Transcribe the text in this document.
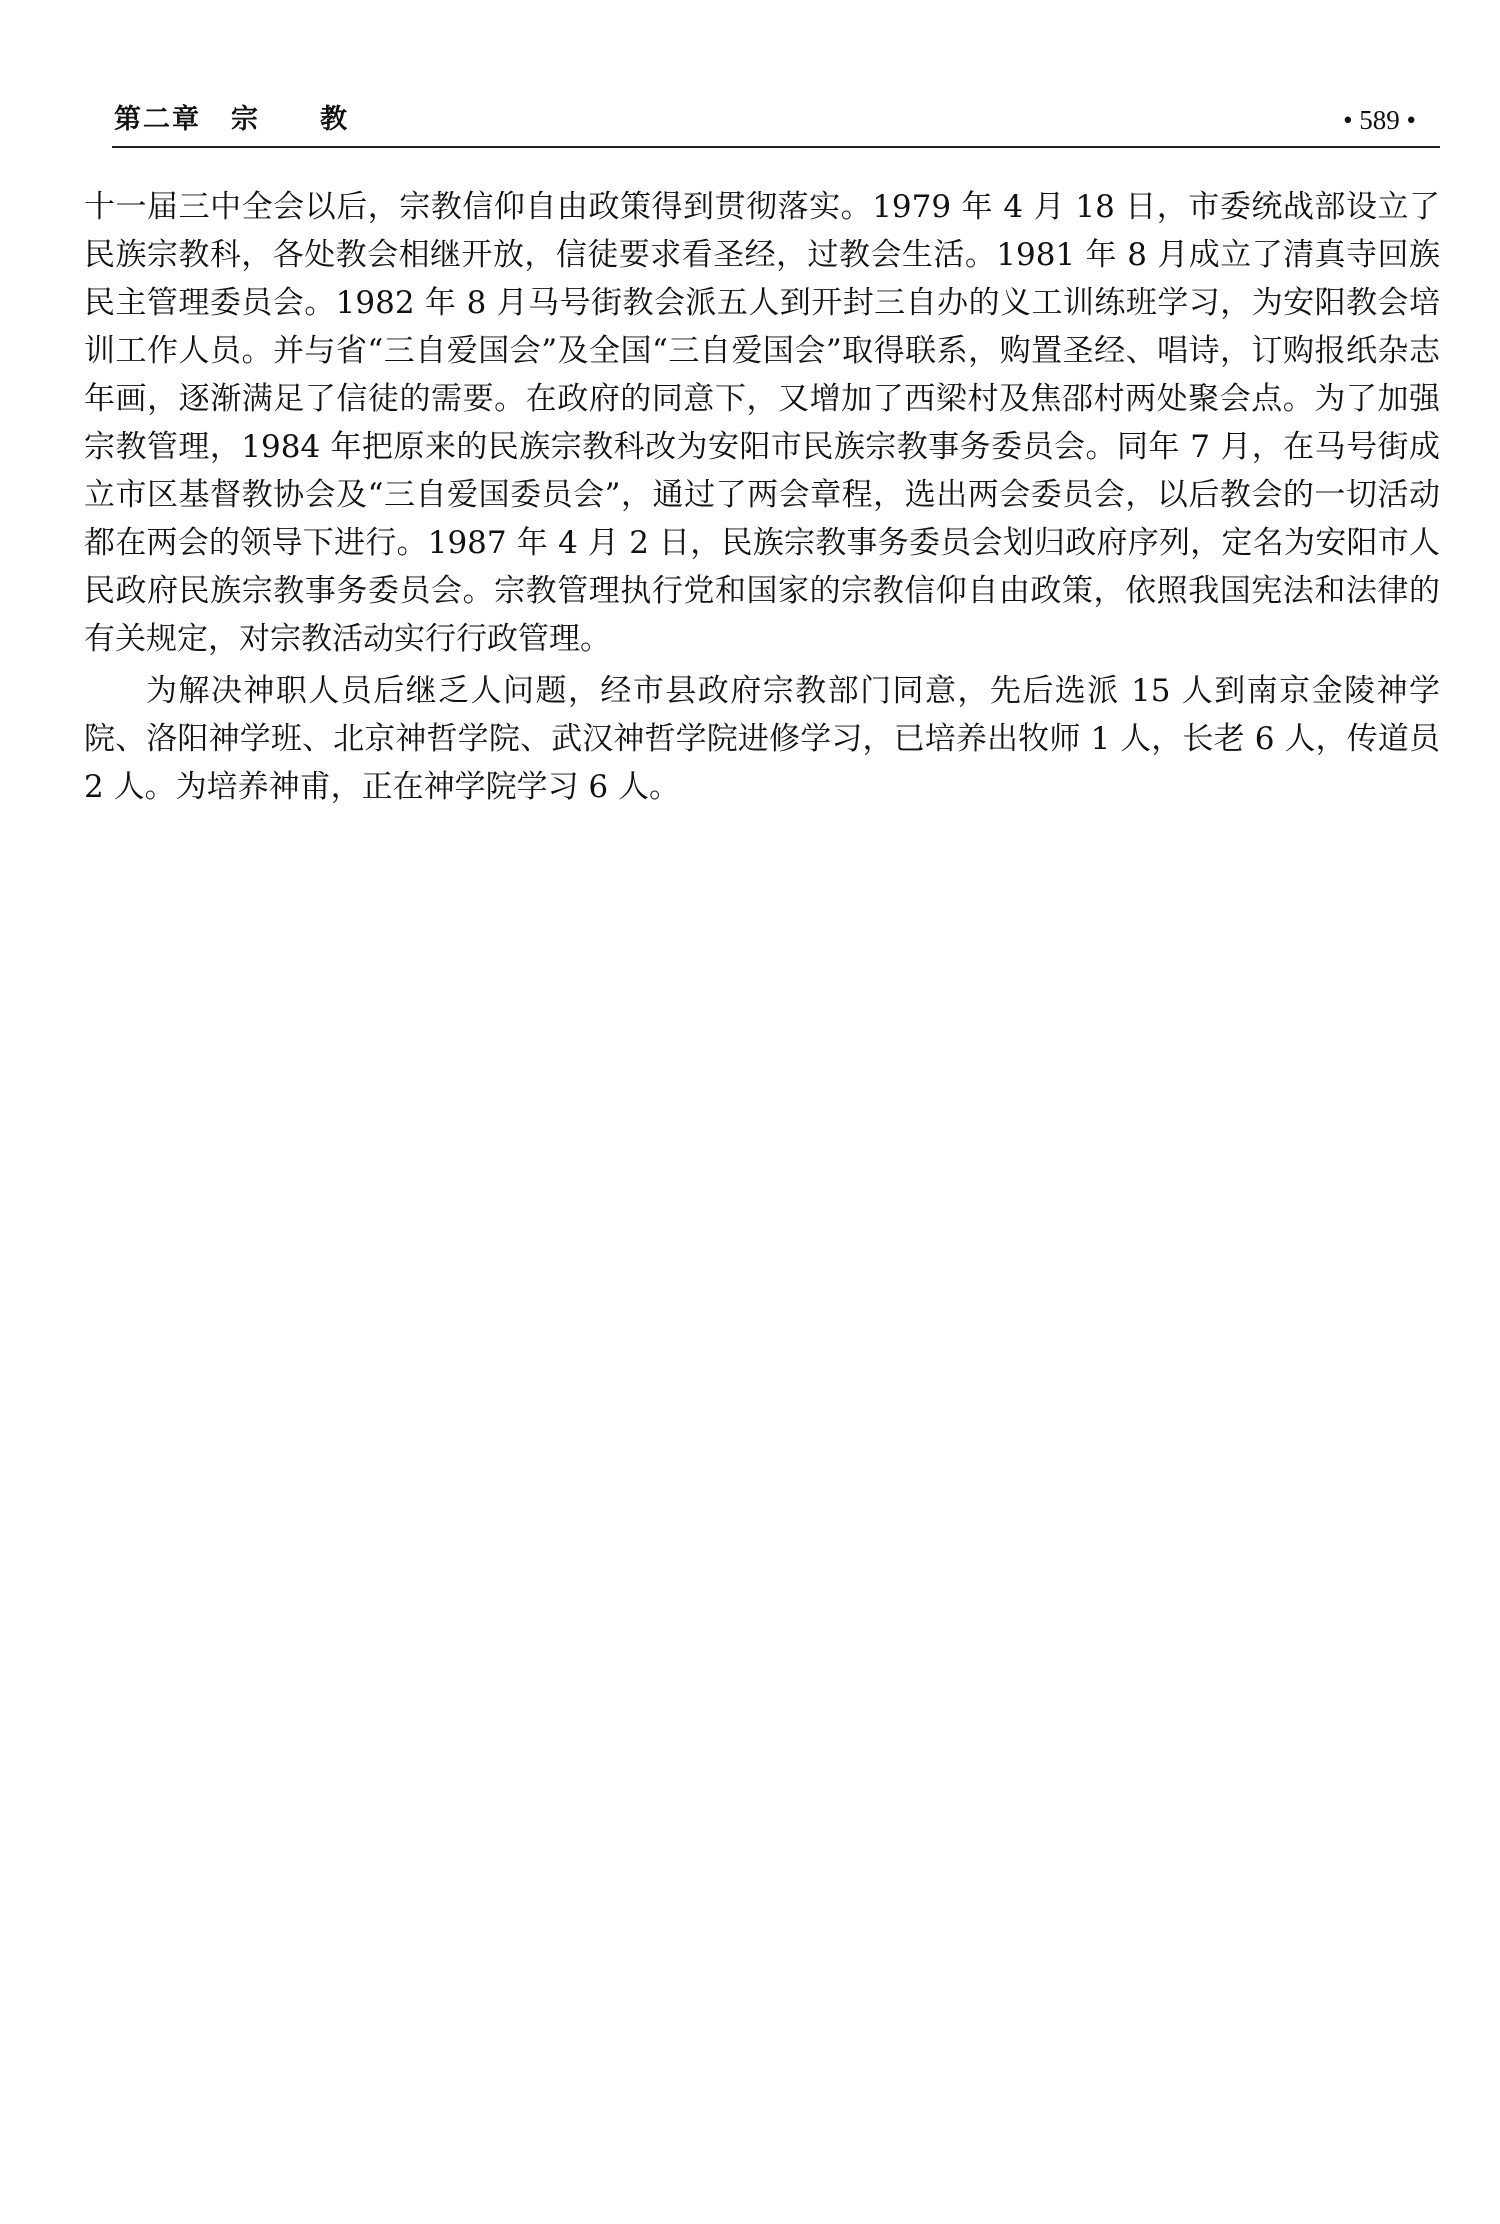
第二章 宗 教	• 589 •

十一届三中全会以后，宗教信仰自由政策得到贯彻落实。1979 年 4 月 18 日，市委统战部设立了民族宗教科，各处教会相继开放，信徒要求看圣经，过教会生活。1981 年 8 月成立了清真寺回族民主管理委员会。1982 年 8 月马号街教会派五人到开封三自办的义工训练班学习，为安阳教会培训工作人员。并与省“三自爱国会”及全国“三自爱国会”取得联系，购置圣经、唱诗，订购报纸杂志年画，逐渐满足了信徒的需要。在政府的同意下，又增加了西梁村及焦邵村两处聚会点。为了加强宗教管理，1984 年把原来的民族宗教科改为安阳市民族宗教事务委员会。同年 7 月，在马号街成立市区基督教协会及“三自爱国委员会”，通过了两会章程，选出两会委员会，以后教会的一切活动都在两会的领导下进行。1987 年 4 月 2 日，民族宗教事务委员会划归政府序列，定名为安阳市人民政府民族宗教事务委员会。宗教管理执行党和国家的宗教信仰自由政策，依照我国宪法和法律的有关规定，对宗教活动实行行政管理。

为解决神职人员后继乏人问题，经市县政府宗教部门同意，先后选派 15 人到南京金陵神学院、洛阳神学班、北京神哲学院、武汉神哲学院进修学习，已培养出牧师 1 人，长老 6 人，传道员 2 人。为培养神甫，正在神学院学习 6 人。
